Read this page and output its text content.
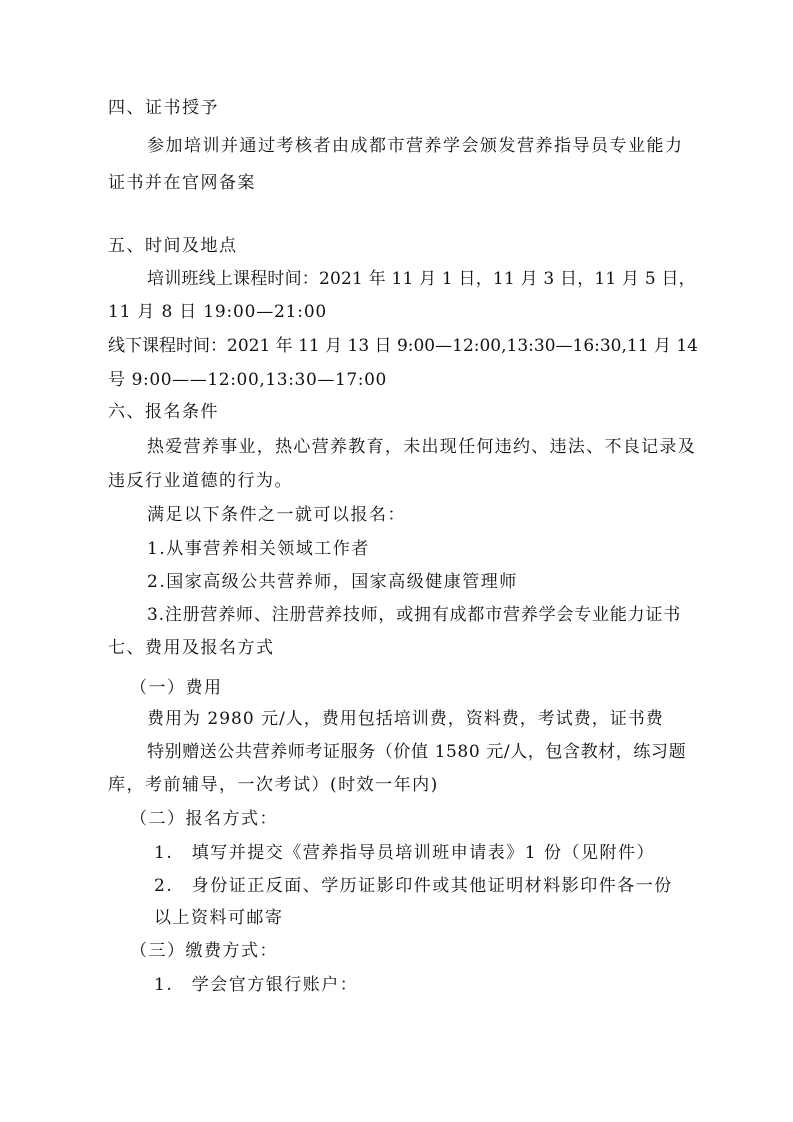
四、证书授予
参加培训并通过考核者由成都市营养学会颁发营养指导员专业能力
证书并在官网备案
五、时间及地点
培训班线上课程时间：2021 年 11 月 1 日，11 月 3 日，11 月 5 日，
11 月 8 日 19:00—21:00
线下课程时间：2021 年 11 月 13 日 9:00—12:00,13:30—16:30,11 月 14
号 9:00——12:00,13:30—17:00
六、报名条件
热爱营养事业，热心营养教育，未出现任何违约、违法、不良记录及
违反行业道德的行为。
满足以下条件之一就可以报名：
1.从事营养相关领域工作者
2.国家高级公共营养师，国家高级健康管理师
3.注册营养师、注册营养技师，或拥有成都市营养学会专业能力证书
七、费用及报名方式
（一）费用
费用为 2980 元/人，费用包括培训费，资料费，考试费，证书费
特别赠送公共营养师考证服务（价值 1580 元/人，包含教材，练习题
库，考前辅导，一次考试）(时效一年内)
（二）报名方式：
1.　填写并提交《营养指导员培训班申请表》1 份（见附件）
2.　身份证正反面、学历证影印件或其他证明材料影印件各一份
以上资料可邮寄
（三）缴费方式：
1.　学会官方银行账户：
